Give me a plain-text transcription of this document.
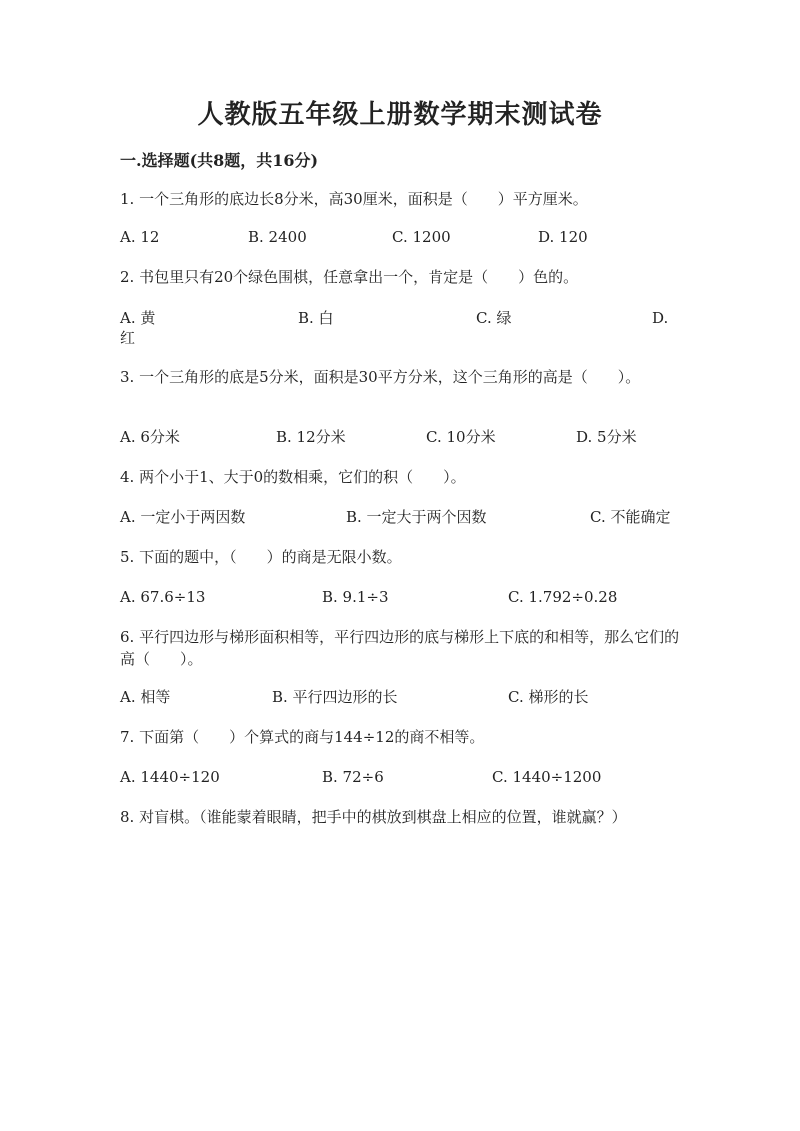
人教版五年级上册数学期末测试卷
一.选择题(共8题，共16分)
1. 一个三角形的底边长8分米，高30厘米，面积是（　　）平方厘米。
A. 12	B. 2400	C. 1200	D. 120
2. 书包里只有20个绿色围棋，任意拿出一个，肯定是（　　）色的。
A. 黄	B. 白	C. 绿	D.
红
3. 一个三角形的底是5分米，面积是30平方分米，这个三角形的高是（　　）。
A. 6分米	B. 12分米	C. 10分米	D. 5分米
4. 两个小于1、大于0的数相乘，它们的积（　　）。
A. 一定小于两因数	B. 一定大于两个因数	C. 不能确定
5. 下面的题中，（　　）的商是无限小数。
A. 67.6÷13	B. 9.1÷3	C. 1.792÷0.28
6. 平行四边形与梯形面积相等，平行四边形的底与梯形上下底的和相等，那么它们的高（　　）。
A. 相等	B. 平行四边形的长	C. 梯形的长
7. 下面第（　　）个算式的商与144÷12的商不相等。
A. 1440÷120	B. 72÷6	C. 1440÷1200
8. 对盲棋。（谁能蒙着眼睛，把手中的棋放到棋盘上相应的位置，谁就赢？）
